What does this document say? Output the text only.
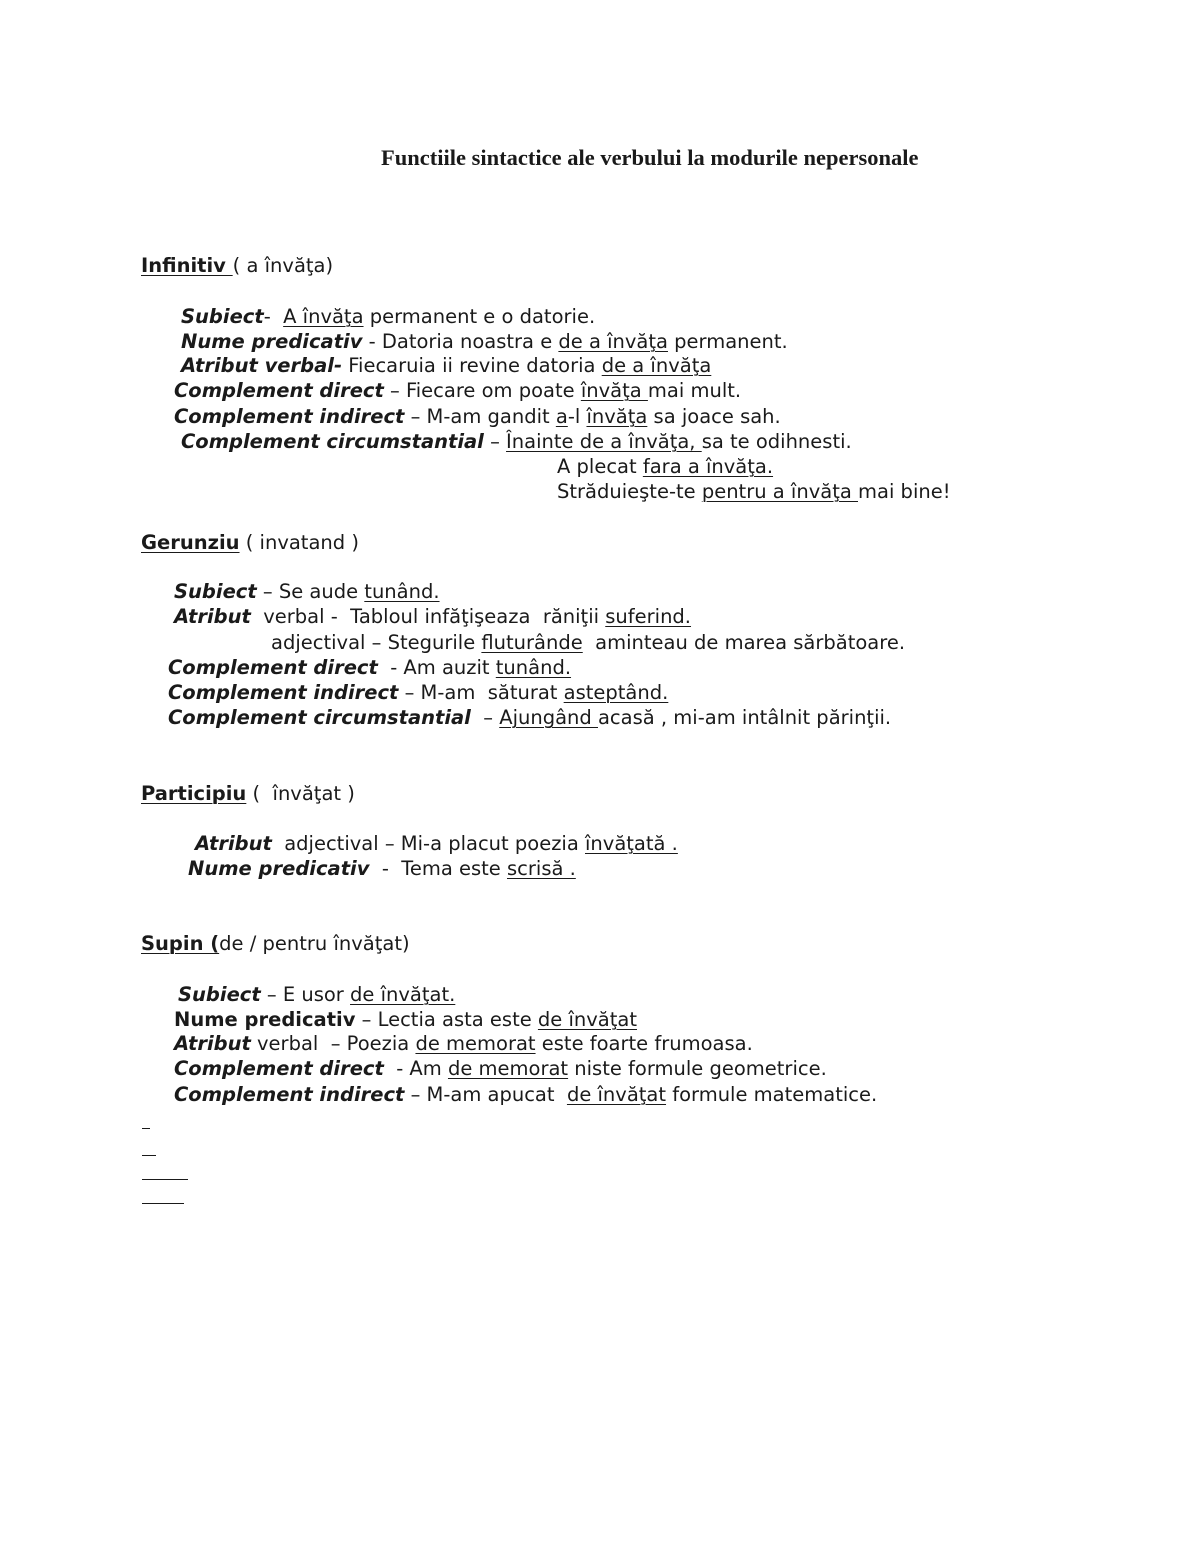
Functiile sintactice ale verbului la modurile nepersonale
Infinitiv ( a învăţa)
Subiect-  A învăţa permanent e o datorie.
Nume predicativ - Datoria noastra e de a învăţa permanent.
Atribut verbal- Fiecaruia ii revine datoria de a învăţa
Complement direct – Fiecare om poate învăţa mai mult.
Complement indirect – M-am gandit a-l învăţa sa joace sah.
Complement circumstantial – Înainte de a învăţa, sa te odihnesti.
A plecat fara a învăţa.
Străduieşte-te pentru a învăţa mai bine!
Gerunziu ( invatand )
Subiect – Se aude tunând.
Atribut  verbal -  Tabloul infăţişeaza  răniţii suferind.
adjectival – Stegurile fluturânde  aminteau de marea sărbătoare.
Complement direct  - Am auzit tunând.
Complement indirect – M-am  săturat asteptând.
Complement circumstantial  – Ajungând acasă , mi-am intâlnit părinţii.
Participiu (  învăţat )
Atribut  adjectival – Mi-a placut poezia învăţată .
Nume predicativ  -  Tema este scrisă .
Supin (de / pentru învăţat)
Subiect – E usor de învăţat.
Nume predicativ – Lectia asta este de învăţat
Atribut verbal  – Poezia de memorat este foarte frumoasa.
Complement direct  - Am de memorat niste formule geometrice.
Complement indirect – M-am apucat  de învăţat formule matematice.
